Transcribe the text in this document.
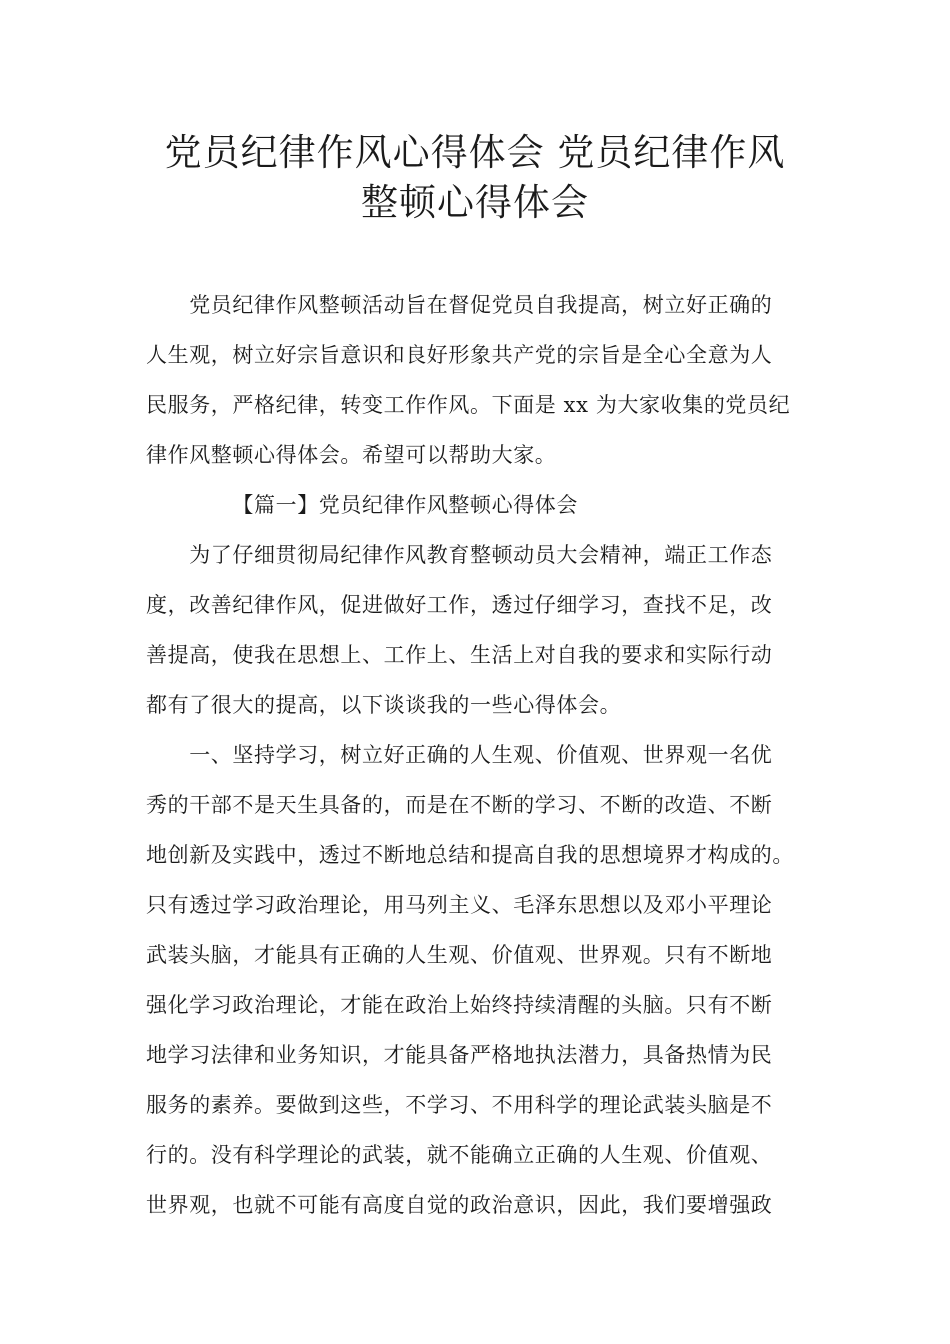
党员纪律作风心得体会 党员纪律作风
整顿心得体会
党员纪律作风整顿活动旨在督促党员自我提高，树立好正确的
人生观，树立好宗旨意识和良好形象共产党的宗旨是全心全意为人
民服务，严格纪律，转变工作作风。下面是 xx 为大家收集的党员纪
律作风整顿心得体会。希望可以帮助大家。
【篇一】党员纪律作风整顿心得体会
为了仔细贯彻局纪律作风教育整顿动员大会精神，端正工作态
度，改善纪律作风，促进做好工作，透过仔细学习，查找不足，改
善提高，使我在思想上、工作上、生活上对自我的要求和实际行动
都有了很大的提高，以下谈谈我的一些心得体会。
一、坚持学习，树立好正确的人生观、价值观、世界观一名优
秀的干部不是天生具备的，而是在不断的学习、不断的改造、不断
地创新及实践中，透过不断地总结和提高自我的思想境界才构成的。
只有透过学习政治理论，用马列主义、毛泽东思想以及邓小平理论
武装头脑，才能具有正确的人生观、价值观、世界观。只有不断地
强化学习政治理论，才能在政治上始终持续清醒的头脑。只有不断
地学习法律和业务知识，才能具备严格地执法潜力，具备热情为民
服务的素养。要做到这些，不学习、不用科学的理论武装头脑是不
行的。没有科学理论的武装，就不能确立正确的人生观、价值观、
世界观，也就不可能有高度自觉的政治意识，因此，我们要增强政
